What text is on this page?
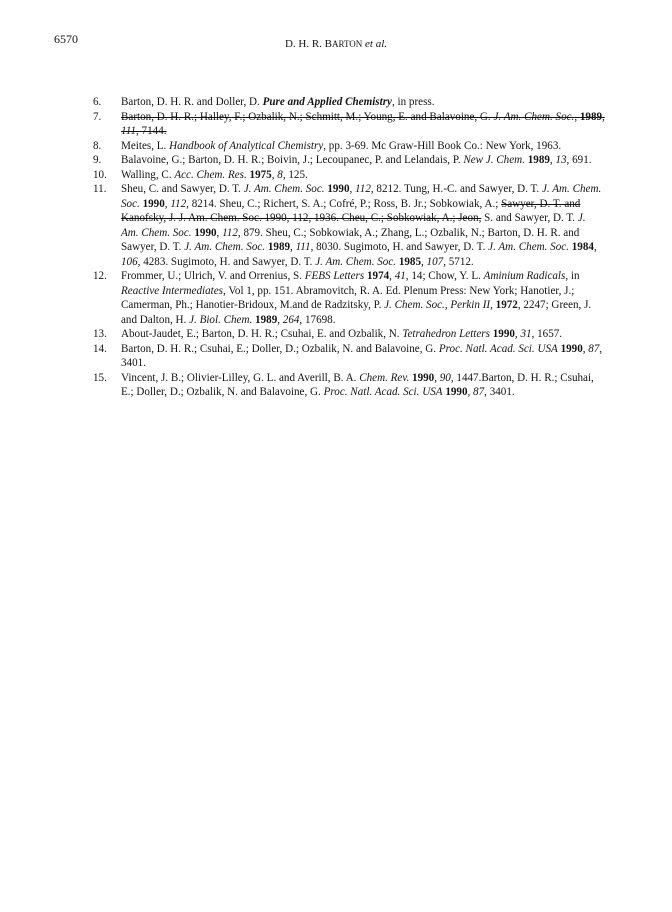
6570	D. H. R. BARTON et al.
6. Barton, D. H. R. and Doller, D. Pure and Applied Chemistry, in press.
7. Barton, D. H. R.; Halley, F.; Ozbalik, N.; Schmitt, M.; Young, E. and Balavoine, G. J. Am. Chem. Soc., 1989, 111, 7144.
8. Meites, L. Handbook of Analytical Chemistry, pp. 3-69. Mc Graw-Hill Book Co.: New York, 1963.
9. Balavoine, G.; Barton, D. H. R.; Boivin, J.; Lecoupanec, P. and Lelandais, P. New J. Chem. 1989, 13, 691.
10. Walling, C. Acc. Chem. Res. 1975, 8, 125.
11. Sheu, C. and Sawyer, D. T. J. Am. Chem. Soc. 1990, 112, 8212. Tung, H.-C. and Sawyer, D. T. J. Am. Chem. Soc. 1990, 112, 8214. Sheu, C.; Richert, S. A.; Cofré, P.; Ross, B. Jr.; Sobkowiak, A.; Sawyer, D. T. and Kanofsky, J. J. Am. Chem. Soc. 1990, 112, 1936. Cheu, C.; Sobkowiak, A.; Jeon, S. and Sawyer, D. T. J. Am. Chem. Soc. 1990, 112, 879. Sheu, C.; Sobkowiak, A.; Zhang, L.; Ozbalik, N.; Barton, D. H. R. and Sawyer, D. T. J. Am. Chem. Soc. 1989, 111, 8030. Sugimoto, H. and Sawyer, D. T. J. Am. Chem. Soc. 1984, 106, 4283. Sugimoto, H. and Sawyer, D. T. J. Am. Chem. Soc. 1985, 107, 5712.
12. Frommer, U.; Ulrich, V. and Orrenius, S. FEBS Letters 1974, 41, 14; Chow, Y. L. Aminium Radicals, in Reactive Intermediates, Vol 1, pp. 151. Abramovitch, R. A. Ed. Plenum Press: New York; Hanotier, J.; Camerman, Ph.; Hanotier-Bridoux, M.and de Radzitsky, P. J. Chem. Soc., Perkin II, 1972, 2247; Green, J. and Dalton, H. J. Biol. Chem. 1989, 264, 17698.
13. About-Jaudet, E.; Barton, D. H. R.; Csuhai, E. and Ozbalik, N. Tetrahedron Letters 1990, 31, 1657.
14. Barton, D. H. R.; Csuhai, E.; Doller, D.; Ozbalik, N. and Balavoine, G. Proc. Natl. Acad. Sci. USA 1990, 87, 3401.
15. Vincent, J. B.; Olivier-Lilley, G. L. and Averill, B. A. Chem. Rev. 1990, 90, 1447.Barton, D. H. R.; Csuhai, E.; Doller, D.; Ozbalik, N. and Balavoine, G. Proc. Natl. Acad. Sci. USA 1990, 87, 3401.
